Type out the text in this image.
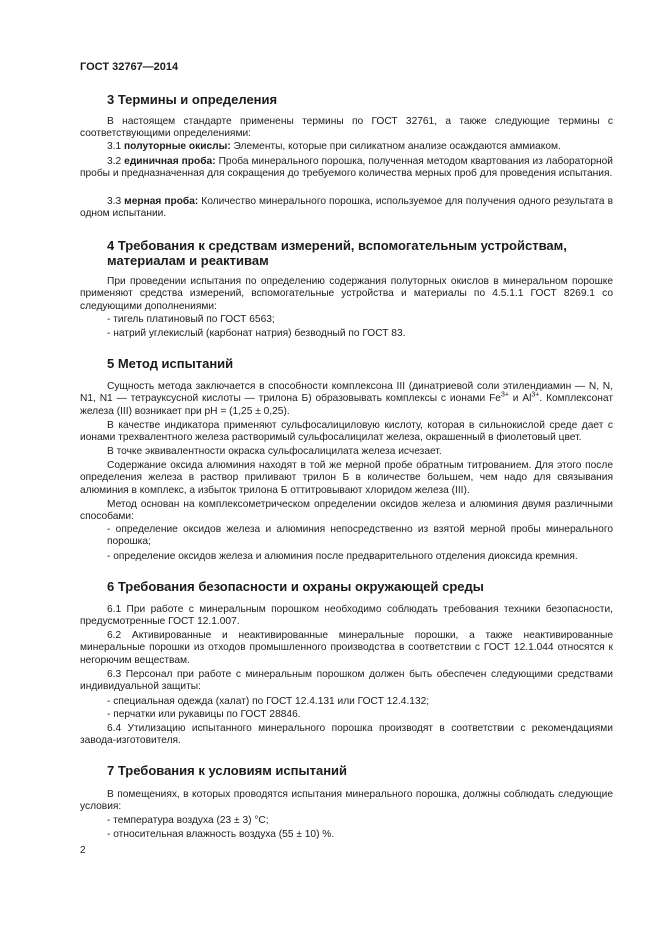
ГОСТ 32767—2014
3 Термины и определения
В настоящем стандарте применены термины по ГОСТ 32761, а также следующие термины с соответствующими определениями:
3.1 полуторные окислы: Элементы, которые при силикатном анализе осаждаются аммиаком.
3.2 единичная проба: Проба минерального порошка, полученная методом квартования из лабораторной пробы и предназначенная для сокращения до требуемого количества мерных проб для проведения испытания.
3.3 мерная проба: Количество минерального порошка, используемое для получения одного результата в одном испытании.
4 Требования к средствам измерений, вспомогательным устройствам,
материалам и реактивам
При проведении испытания по определению содержания полуторных окислов в минеральном порошке применяют средства измерений, вспомогательные устройства и материалы по 4.5.1.1 ГОСТ 8269.1 со следующими дополнениями:
- тигель платиновый по ГОСТ 6563;
- натрий углекислый (карбонат натрия) безводный по ГОСТ 83.
5 Метод испытаний
Сущность метода заключается в способности комплексона III (динатриевой соли этилендиамин — N, N, N1, N1 — тетрауксусной кислоты — трилона Б) образовывать комплексы с ионами $Fe^{3+}$ и $Al^{3+}$. Комплексонат железа (III) возникает при pH = (1,25 ± 0,25).
В качестве индикатора применяют сульфосалициловую кислоту, которая в сильнокислой среде дает с ионами трехвалентного железа растворимый сульфосалицилат железа, окрашенный в фиолетовый цвет.
В точке эквивалентности окраска сульфосалицилата железа исчезает.
Содержание оксида алюминия находят в той же мерной пробе обратным титрованием. Для этого после определения железа в раствор приливают трилон Б в количестве большем, чем надо для связывания алюминия в комплекс, а избыток трилона Б оттитровывают хлоридом железа (III).
Метод основан на комплексометрическом определении оксидов железа и алюминия двумя различными способами:
- определение оксидов железа и алюминия непосредственно из взятой мерной пробы минерального порошка;
- определение оксидов железа и алюминия после предварительного отделения диоксида кремния.
6 Требования безопасности и охраны окружающей среды
6.1 При работе с минеральным порошком необходимо соблюдать требования техники безопасности, предусмотренные ГОСТ 12.1.007.
6.2 Активированные и неактивированные минеральные порошки, а также неактивированные минеральные порошки из отходов промышленного производства в соответствии с ГОСТ 12.1.044 относятся к негорючим веществам.
6.3 Персонал при работе с минеральным порошком должен быть обеспечен следующими средствами индивидуальной защиты:
- специальная одежда (халат) по ГОСТ 12.4.131 или ГОСТ 12.4.132;
- перчатки или рукавицы по ГОСТ 28846.
6.4 Утилизацию испытанного минерального порошка производят в соответствии с рекомендациями завода-изготовителя.
7 Требования к условиям испытаний
В помещениях, в которых проводятся испытания минерального порошка, должны соблюдать следующие условия:
- температура воздуха (23 ± 3) °С;
- относительная влажность воздуха (55 ± 10) %.
2
